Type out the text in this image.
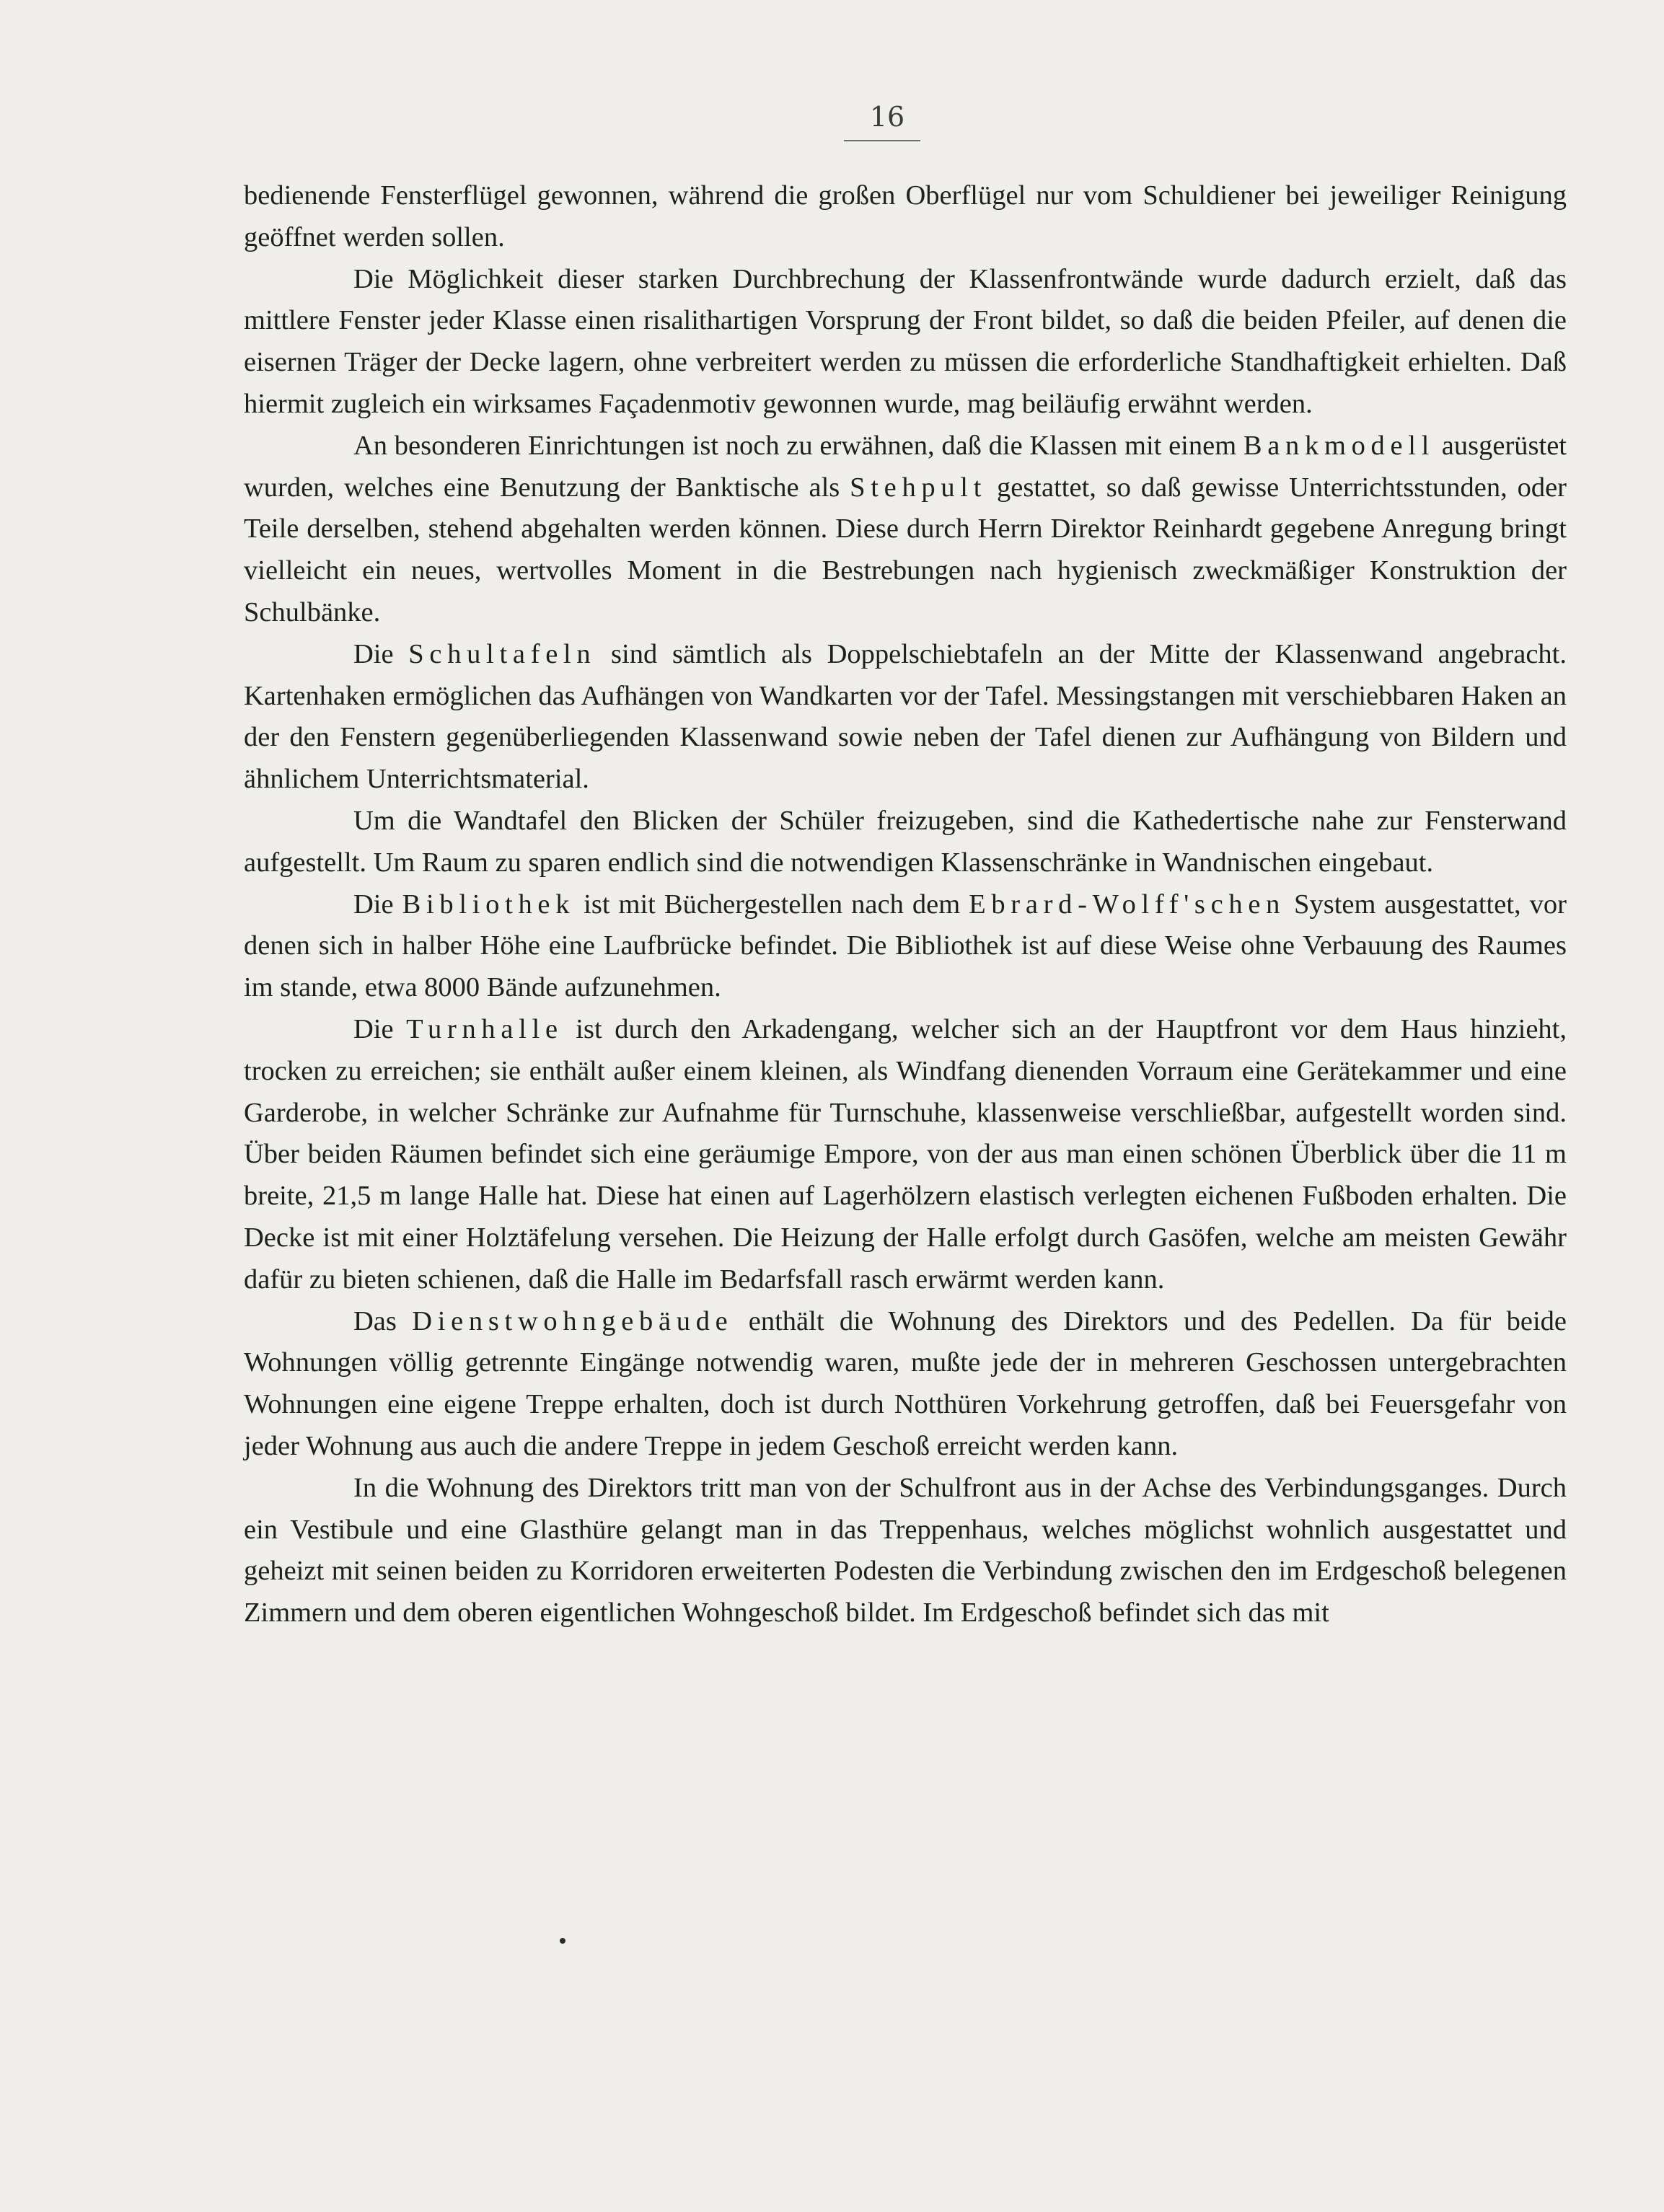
16

bedienende Fensterflügel gewonnen, während die großen Oberflügel nur vom Schuldiener bei jeweiliger Reinigung geöffnet werden sollen.

Die Möglichkeit dieser starken Durchbrechung der Klassenfrontwände wurde dadurch erzielt, daß das mittlere Fenster jeder Klasse einen risalithartigen Vorsprung der Front bildet, so daß die beiden Pfeiler, auf denen die eisernen Träger der Decke lagern, ohne verbreitert werden zu müssen die erforderliche Standhaftigkeit erhielten. Daß hiermit zugleich ein wirksames Façadenmotiv gewonnen wurde, mag beiläufig erwähnt werden.

An besonderen Einrichtungen ist noch zu erwähnen, daß die Klassen mit einem Bankmodell ausgerüstet wurden, welches eine Benutzung der Banktische als Stehpult gestattet, so daß gewisse Unterrichtsstunden, oder Teile derselben, stehend abgehalten werden können. Diese durch Herrn Direktor Reinhardt gegebene Anregung bringt vielleicht ein neues, wertvolles Moment in die Bestrebungen nach hygienisch zweckmäßiger Konstruktion der Schulbänke.

Die Schultafeln sind sämtlich als Doppelschiebtafeln an der Mitte der Klassenwand angebracht. Kartenhaken ermöglichen das Aufhängen von Wandkarten vor der Tafel. Messingstangen mit verschiebbaren Haken an der den Fenstern gegenüberliegenden Klassenwand sowie neben der Tafel dienen zur Aufhängung von Bildern und ähnlichem Unterrichtsmaterial.

Um die Wandtafel den Blicken der Schüler freizugeben, sind die Kathedertische nahe zur Fensterwand aufgestellt. Um Raum zu sparen endlich sind die notwendigen Klassenschränke in Wandnischen eingebaut.

Die Bibliothek ist mit Büchergestellen nach dem Ebrard-Wolff'schen System ausgestattet, vor denen sich in halber Höhe eine Laufbrücke befindet. Die Bibliothek ist auf diese Weise ohne Verbauung des Raumes im stande, etwa 8000 Bände aufzunehmen.

Die Turnhalle ist durch den Arkadengang, welcher sich an der Hauptfront vor dem Haus hinzieht, trocken zu erreichen; sie enthält außer einem kleinen, als Windfang dienenden Vorraum eine Gerätekammer und eine Garderobe, in welcher Schränke zur Aufnahme für Turnschuhe, klassenweise verschließbar, aufgestellt worden sind. Über beiden Räumen befindet sich eine geräumige Empore, von der aus man einen schönen Überblick über die 11 m breite, 21,5 m lange Halle hat. Diese hat einen auf Lagerhölzern elastisch verlegten eichenen Fußboden erhalten. Die Decke ist mit einer Holztäfelung versehen. Die Heizung der Halle erfolgt durch Gasöfen, welche am meisten Gewähr dafür zu bieten schienen, daß die Halle im Bedarfsfall rasch erwärmt werden kann.

Das Dienstwohngebäude enthält die Wohnung des Direktors und des Pedellen. Da für beide Wohnungen völlig getrennte Eingänge notwendig waren, mußte jede der in mehreren Geschossen untergebrachten Wohnungen eine eigene Treppe erhalten, doch ist durch Notthüren Vorkehrung getroffen, daß bei Feuersgefahr von jeder Wohnung aus auch die andere Treppe in jedem Geschoß erreicht werden kann.

In die Wohnung des Direktors tritt man von der Schulfront aus in der Achse des Verbindungsganges. Durch ein Vestibule und eine Glasthüre gelangt man in das Treppenhaus, welches möglichst wohnlich ausgestattet und geheizt mit seinen beiden zu Korridoren erweiterten Podesten die Verbindung zwischen den im Erdgeschoß belegenen Zimmern und dem oberen eigentlichen Wohngeschoß bildet. Im Erdgeschoß befindet sich das mit
